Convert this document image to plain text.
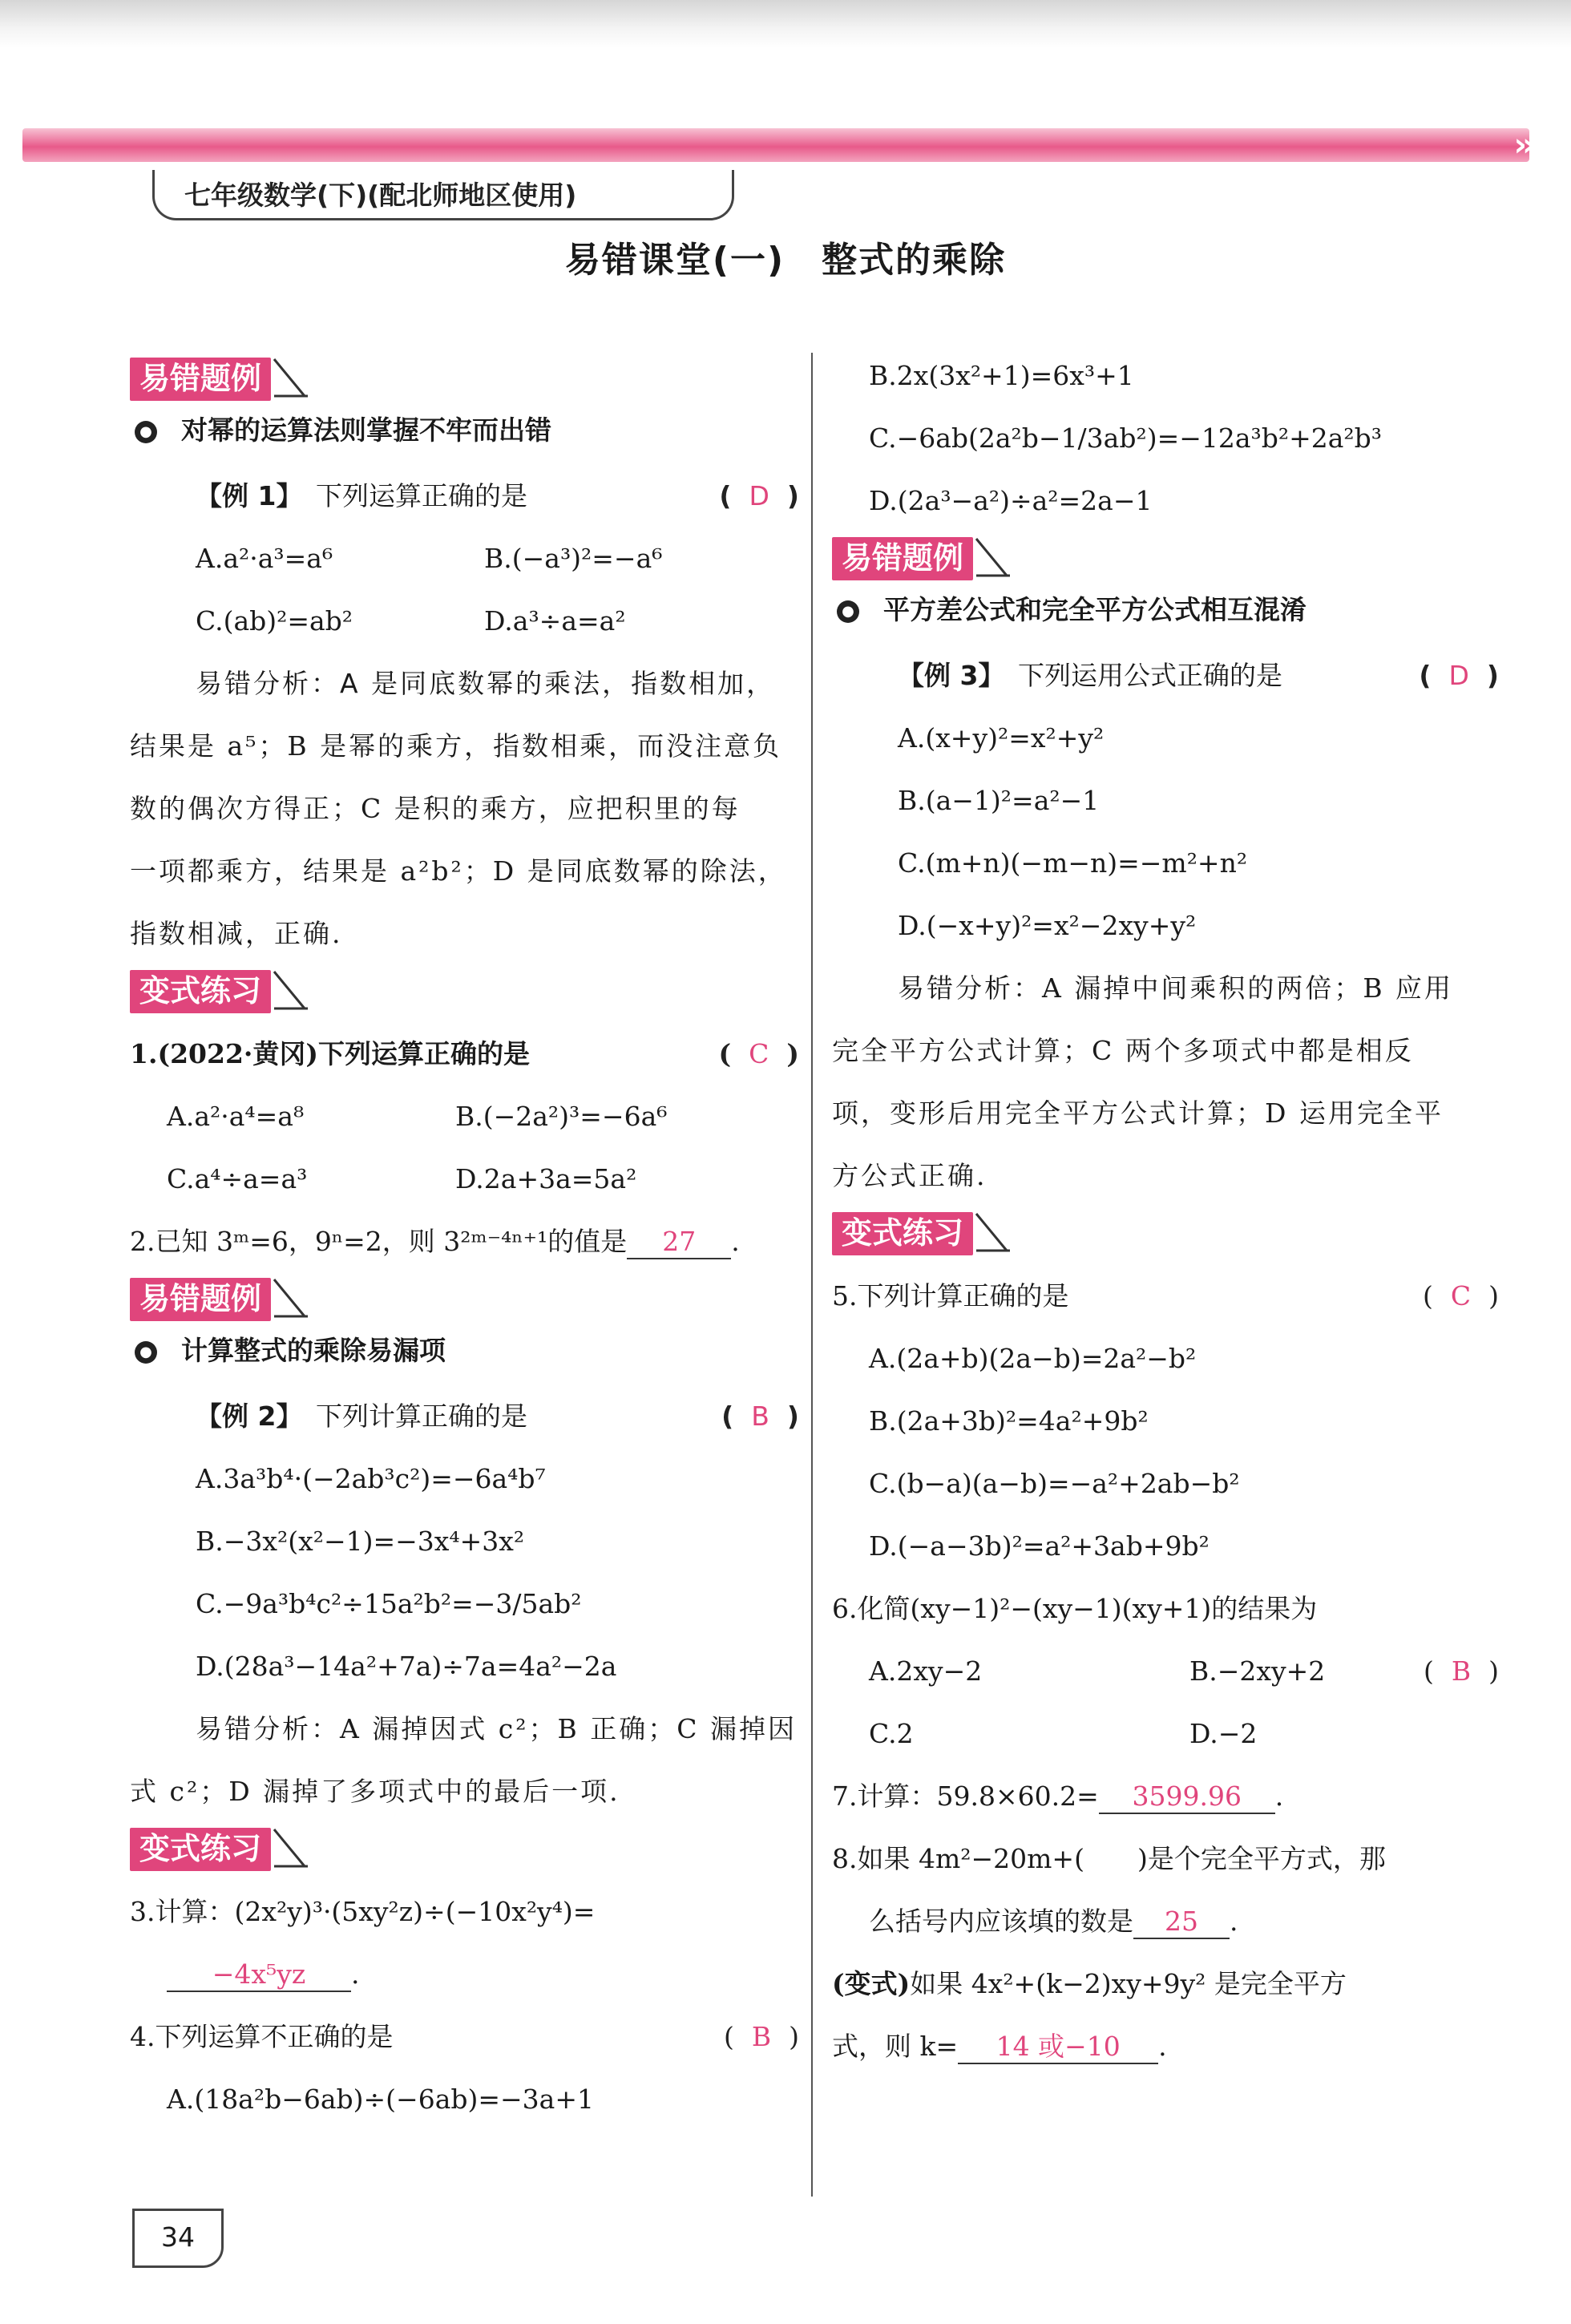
›››
七年级数学(下)(配北师地区使用)
易错课堂(一)　整式的乘除
易错题例
● 对幂的运算法则掌握不牢而出错
【例 1】　 下列运算正确的是	( D )
A.a²·a³=a⁶	B.(−a³)²=−a⁶
C.(ab)²=ab²	D.a³÷a=a²
易错分析：A 是同底数幂的乘法，指数相加，
结果是 a⁵；B 是幂的乘方，指数相乘，而没注意负
数的偶次方得正；C 是积的乘方，应把积里的每
一项都乘方，结果是 a²b²；D 是同底数幂的除法，
指数相减，正确.
变式练习
1.(2022·黄冈)下列运算正确的是	( C )
A.a²·a⁴=a⁸	B.(−2a²)³=−6a⁶
C.a⁴÷a=a³	D.2a+3a=5a²
2.已知 3ᵐ=6，9ⁿ=2，则 3²ᵐ⁻⁴ⁿ⁺¹的值是 27 .
易错题例
● 计算整式的乘除易漏项
【例 2】　 下列计算正确的是	( B )
A.3a³b⁴·(−2ab³c²)=−6a⁴b⁷
B.−3x²(x²−1)=−3x⁴+3x²
C.−9a³b⁴c²÷15a²b²=−3/5ab²
D.(28a³−14a²+7a)÷7a=4a²−2a
易错分析：A 漏掉因式 c²；B 正确；C 漏掉因
式 c²；D 漏掉了多项式中的最后一项.
变式练习
3.计算：(2x²y)³·(5xy²z)÷(−10x²y⁴)=
−4x⁵yz .
4.下列运算不正确的是	( B )
A.(18a²b−6ab)÷(−6ab)=−3a+1
B.2x(3x²+1)=6x³+1
C.−6ab(2a²b−1/3ab²)=−12a³b²+2a²b³
D.(2a³−a²)÷a²=2a−1
易错题例
● 平方差公式和完全平方公式相互混淆
【例 3】　 下列运用公式正确的是	( D )
A.(x+y)²=x²+y²
B.(a−1)²=a²−1
C.(m+n)(−m−n)=−m²+n²
D.(−x+y)²=x²−2xy+y²
易错分析：A 漏掉中间乘积的两倍；B 应用
完全平方公式计算；C 两个多项式中都是相反
项，变形后用完全平方公式计算；D 运用完全平
方公式正确.
变式练习
5.下列计算正确的是	( C )
A.(2a+b)(2a−b)=2a²−b²
B.(2a+3b)²=4a²+9b²
C.(b−a)(a−b)=−a²+2ab−b²
D.(−a−3b)²=a²+3ab+9b²
6.化简(xy−1)²−(xy−1)(xy+1)的结果为
( B )
A.2xy−2	B.−2xy+2
C.2	D.−2
7.计算：59.8×60.2= 3599.96 .
8.如果 4m²−20m+(　　)是个完全平方式，那
么括号内应该填的数是 25 .
(变式)如果 4x²+(k−2)xy+9y² 是完全平方
式，则 k= 14 或−10 .
34
